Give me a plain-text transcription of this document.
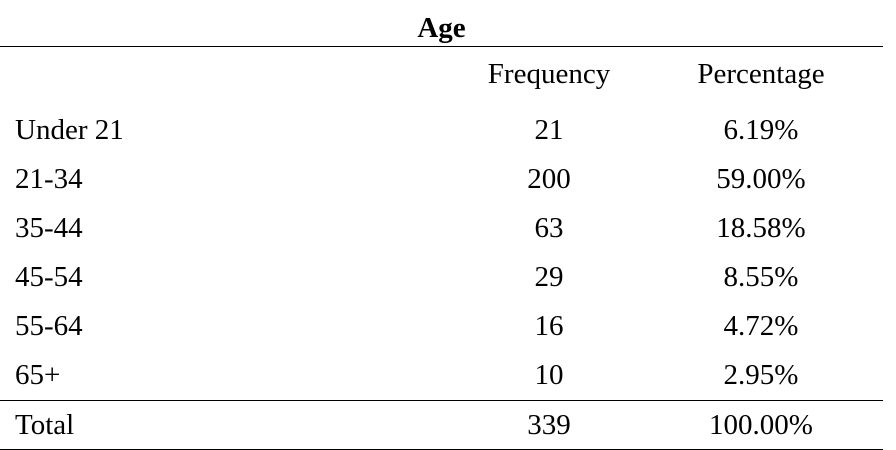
Age		
	Frequency	Percentage
Under 21	21	6.19%
21-34	200	59.00%
35-44	63	18.58%
45-54	29	8.55%
55-64	16	4.72%
65+	10	2.95%
Total	339	100.00%
